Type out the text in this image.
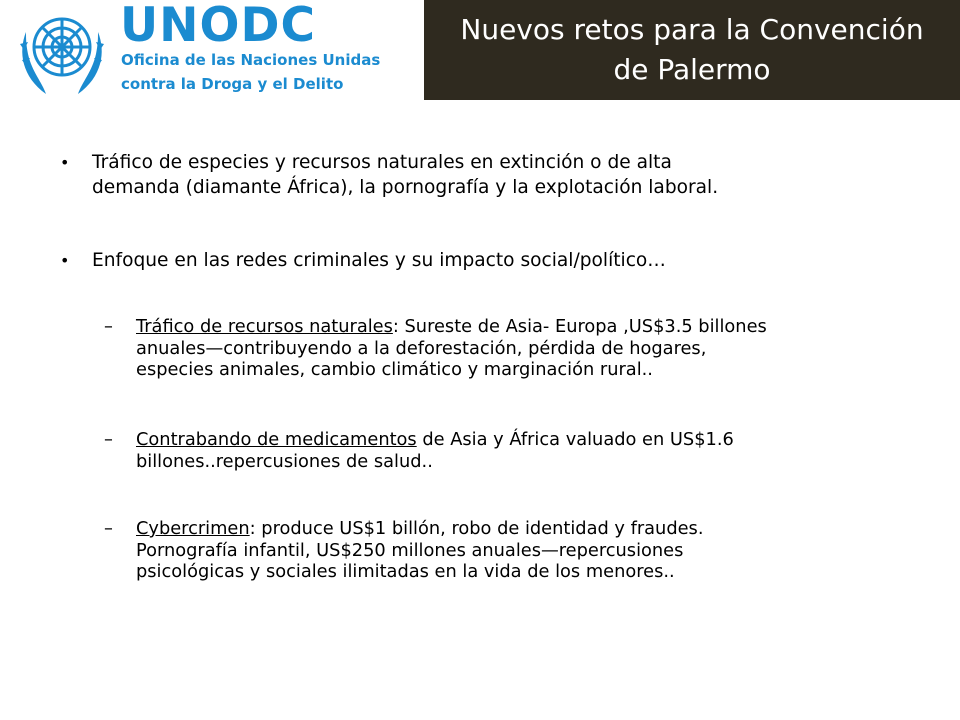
UNODC
Oficina de las Naciones Unidas
contra la Droga y el Delito
Nuevos retos para la Convención
de Palermo
• Tráfico de especies y recursos naturales en extinción o de alta
demanda (diamante África), la pornografía y la explotación laboral.
• Enfoque en las redes criminales y su impacto social/político…
– Tráfico de recursos naturales: Sureste de Asia- Europa ,US$3.5 billones
anuales—contribuyendo a la deforestación, pérdida de hogares,
especies animales, cambio climático y marginación rural..
– Contrabando de medicamentos de Asia y África valuado en US$1.6
billones..repercusiones de salud..
– Cybercrimen: produce US$1 billón, robo de identidad y fraudes.
Pornografía infantil, US$250 millones anuales—repercusiones
psicológicas y sociales ilimitadas en la vida de los menores..
